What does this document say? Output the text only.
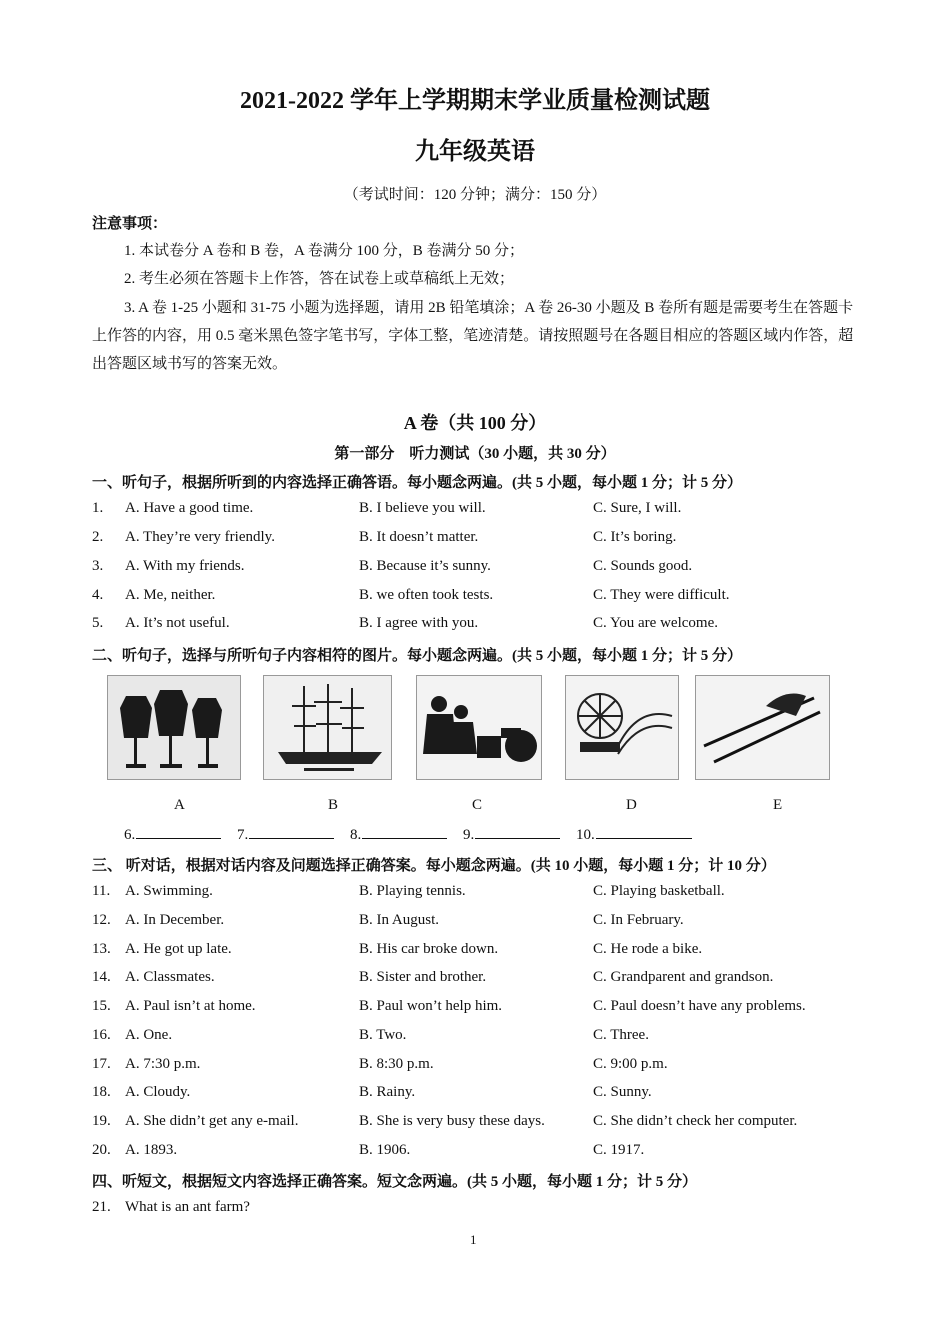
2021-2022 学年上学期期末学业质量检测试题
九年级英语
（考试时间：120 分钟；满分：150 分）
注意事项：
1. 本试卷分 A 卷和 B 卷，A 卷满分 100 分，B 卷满分 50 分；
2. 考生必须在答题卡上作答，答在试卷上或草稿纸上无效；
3. A 卷 1-25 小题和 31-75 小题为选择题，请用 2B 铅笔填涂；A 卷 26-30 小题及 B 卷所有题是需要考生在答题卡上作答的内容，用 0.5 毫米黑色签字笔书写，字体工整，笔迹清楚。请按照题号在各题目相应的答题区域内作答，超出答题区域书写的答案无效。
A 卷（共 100 分）
第一部分　听力测试（30 小题，共 30 分）
一、听句子，根据所听到的内容选择正确答语。每小题念两遍。(共 5 小题，每小题 1 分；计 5 分）
1. A. Have a good time.	B. I believe you will.	C. Sure, I will.
2. A. They’re very friendly.	B. It doesn’t matter.	C. It’s boring.
3. A. With my friends.	B. Because it’s sunny.	C. Sounds good.
4. A. Me, neither.	B. we often took tests.	C. They were difficult.
5. A. It’s not useful.	B. I agree with you.	C. You are welcome.
二、听句子，选择与所听句子内容相符的图片。每小题念两遍。(共 5 小题，每小题 1 分；计 5 分）
A	B	C	D	E
6.	7.	8.	9.	10.
三、 听对话，根据对话内容及问题选择正确答案。每小题念两遍。(共 10 小题，每小题 1 分；计 10 分）
11. A. Swimming.	B. Playing tennis.	C. Playing basketball.
12. A. In December.	B. In August.	C. In February.
13. A. He got up late.	B. His car broke down.	C. He rode a bike.
14. A. Classmates.	B. Sister and brother.	C. Grandparent and grandson.
15. A. Paul isn’t at home.	B. Paul won’t help him.	C. Paul doesn’t have any problems.
16. A. One.	B. Two.	C. Three.
17. A. 7:30 p.m.	B. 8:30 p.m.	C. 9:00 p.m.
18. A. Cloudy.	B. Rainy.	C. Sunny.
19. A. She didn’t get any e-mail.	B. She is very busy these days.	C. She didn’t check her computer.
20. A. 1893.	B. 1906.	C. 1917.
四、听短文，根据短文内容选择正确答案。短文念两遍。(共 5 小题，每小题 1 分；计 5 分）
21. What is an ant farm?
1
